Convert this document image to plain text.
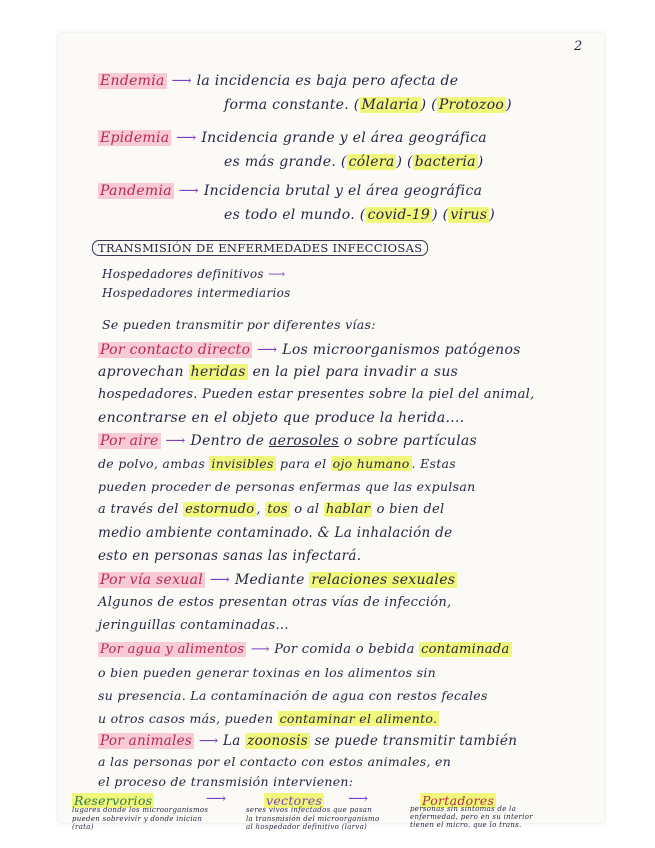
2

Endemia ⟶ la incidencia es baja pero afecta de

forma constante. ( Malaria ) ( Protozoo )

Epidemia ⟶ Incidencia grande y el área geográfica

es más grande. ( cólera ) ( bacteria )

Pandemia ⟶ Incidencia brutal y el área geográfica

es todo el mundo. ( covid-19 ) ( virus )

TRANSMISIÓN DE ENFERMEDADES INFECCIOSAS

Hospedadores definitivos ⟶

Hospedadores intermediarios

Se pueden transmitir por diferentes vías:

Por contacto directo ⟶ Los microorganismos patógenos

aprovechan heridas en la piel para invadir a sus

hospedadores. Pueden estar presentes sobre la piel del animal,

encontrarse en el objeto que produce la herida....

Por aire ⟶ Dentro de aerosoles o sobre partículas

de polvo, ambas invisibles para el ojo humano . Estas

pueden proceder de personas enfermas que las expulsan

a través del estornudo , tos o al hablar o bien del

medio ambiente contaminado. & La inhalación de

esto en personas sanas las infectará.

Por vía sexual ⟶ Mediante relaciones sexuales

Algunos de estos presentan otras vías de infección,

jeringuillas contaminadas...

Por agua y alimentos ⟶ Por comida o bebida contaminada

o bien pueden generar toxinas en los alimentos sin

su presencia. La contaminación de agua con restos fecales

u otros casos más, pueden contaminar el alimento.

Por animales ⟶ La zoonosis se puede transmitir también

a las personas por el contacto con estos animales, en

el proceso de transmisión intervienen:

Reservorios

lugares donde los microorganismos

pueden sobrevivir y donde inician

(rata)

⟶	vectores

seres vivos infectados que pasan

la transmisión del microorganismo

al hospedador definitivo (larva)

⟶	Portadores

personas sin síntomas de la

enfermedad, pero en su interior

tienen el micro. que lo trans.
